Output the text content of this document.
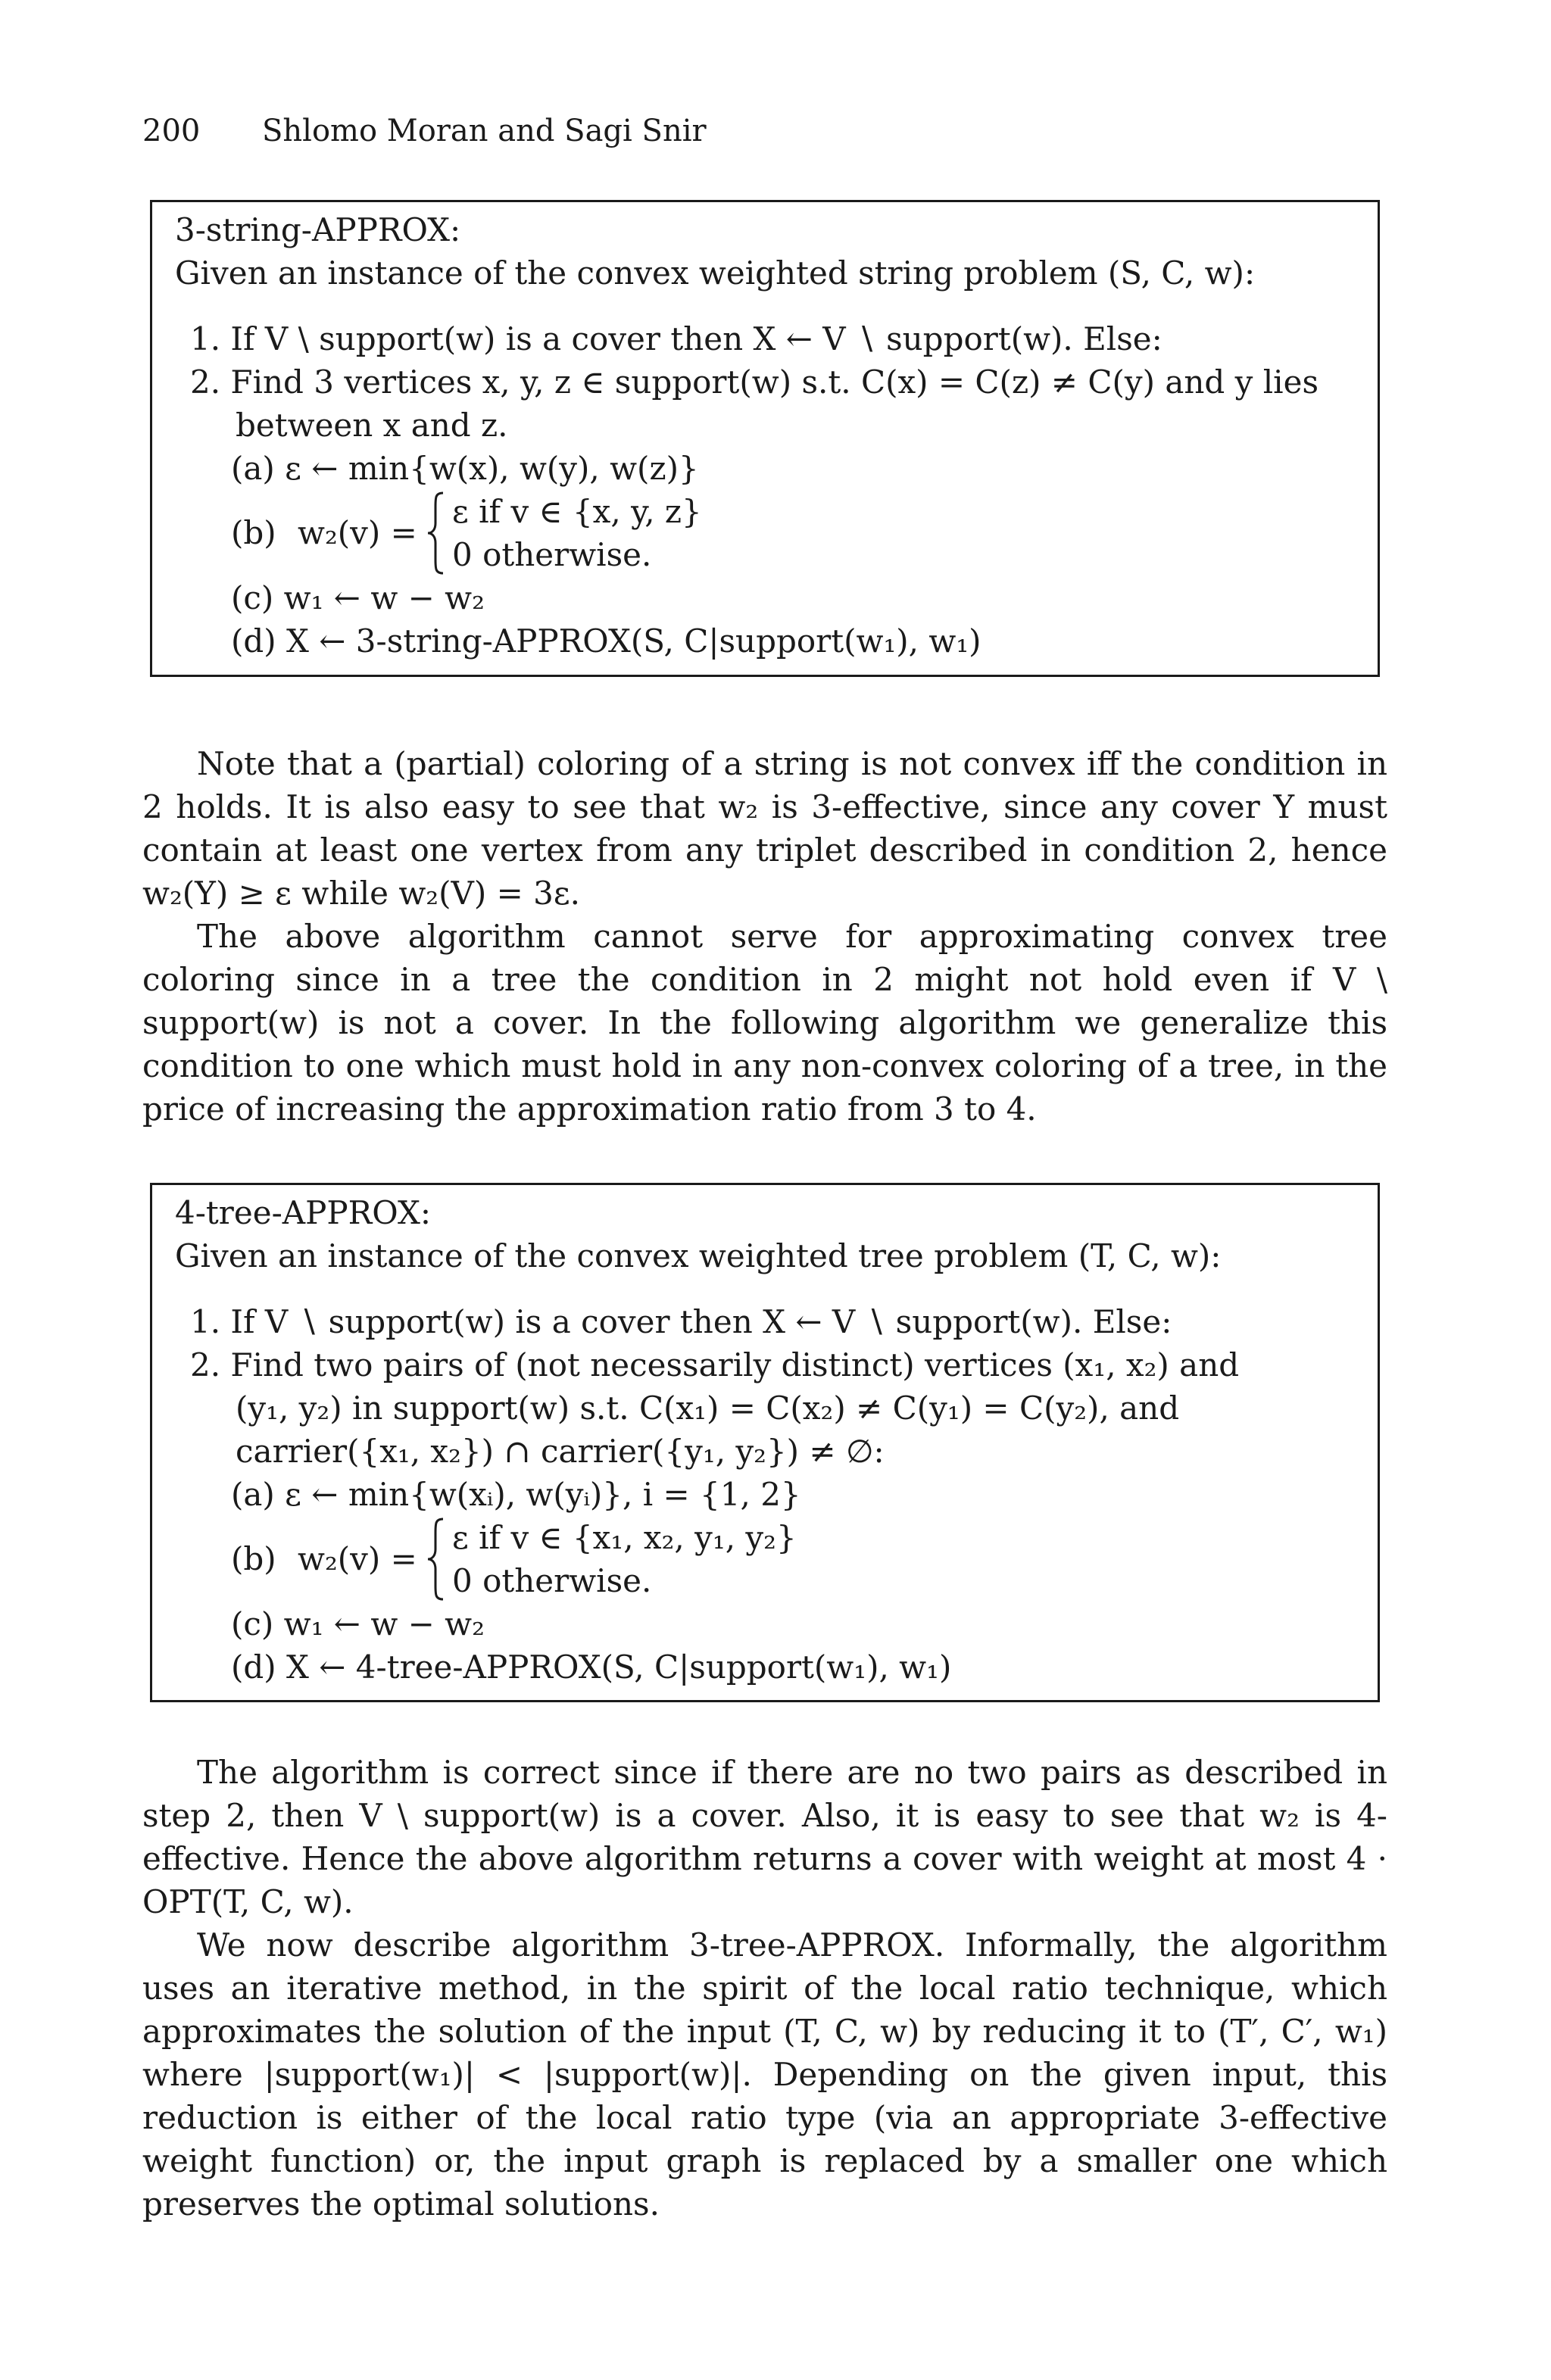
200 Shlomo Moran and Sagi Snir
3-string-APPROX:
Given an instance of the convex weighted string problem (S, C, w):
1. If V \ support(w) is a cover then X ← V ∖ support(w). Else:
2. Find 3 vertices x, y, z ∈ support(w) s.t. C(x) = C(z) ≠ C(y) and y lies
between x and z.
(a) ε ← min{w(x), w(y), w(z)}
(b) w₂(v) =
ε if v ∈ {x, y, z}
0 otherwise.
(c) w₁ ← w − w₂
(d) X ← 3-string-APPROX(S, C|support(w₁), w₁)

Note that a (partial) coloring of a string is not convex iff the condition in 2 holds. It is also easy to see that w₂ is 3-effective, since any cover Y must contain at least one vertex from any triplet described in condition 2, hence w₂(Y) ≥ ε while w₂(V) = 3ε.

The above algorithm cannot serve for approximating convex tree coloring since in a tree the condition in 2 might not hold even if V \ support(w) is not a cover. In the following algorithm we generalize this condition to one which must hold in any non-convex coloring of a tree, in the price of increasing the approximation ratio from 3 to 4.

4-tree-APPROX:
Given an instance of the convex weighted tree problem (T, C, w):
1. If V ∖ support(w) is a cover then X ← V ∖ support(w). Else:
2. Find two pairs of (not necessarily distinct) vertices (x₁, x₂) and
(y₁, y₂) in support(w) s.t. C(x₁) = C(x₂) ≠ C(y₁) = C(y₂), and
carrier({x₁, x₂}) ∩ carrier({y₁, y₂}) ≠ ∅:
(a) ε ← min{w(xᵢ), w(yᵢ)}, i = {1, 2}
(b) w₂(v) =
ε if v ∈ {x₁, x₂, y₁, y₂}
0 otherwise.
(c) w₁ ← w − w₂
(d) X ← 4-tree-APPROX(S, C|support(w₁), w₁)

The algorithm is correct since if there are no two pairs as described in step 2, then V \ support(w) is a cover. Also, it is easy to see that w₂ is 4-effective. Hence the above algorithm returns a cover with weight at most 4 · OPT(T, C, w).

We now describe algorithm 3-tree-APPROX. Informally, the algorithm uses an iterative method, in the spirit of the local ratio technique, which approximates the solution of the input (T, C, w) by reducing it to (T′, C′, w₁) where |support(w₁)| < |support(w)|. Depending on the given input, this reduction is either of the local ratio type (via an appropriate 3-effective weight function) or, the input graph is replaced by a smaller one which preserves the optimal solutions.
